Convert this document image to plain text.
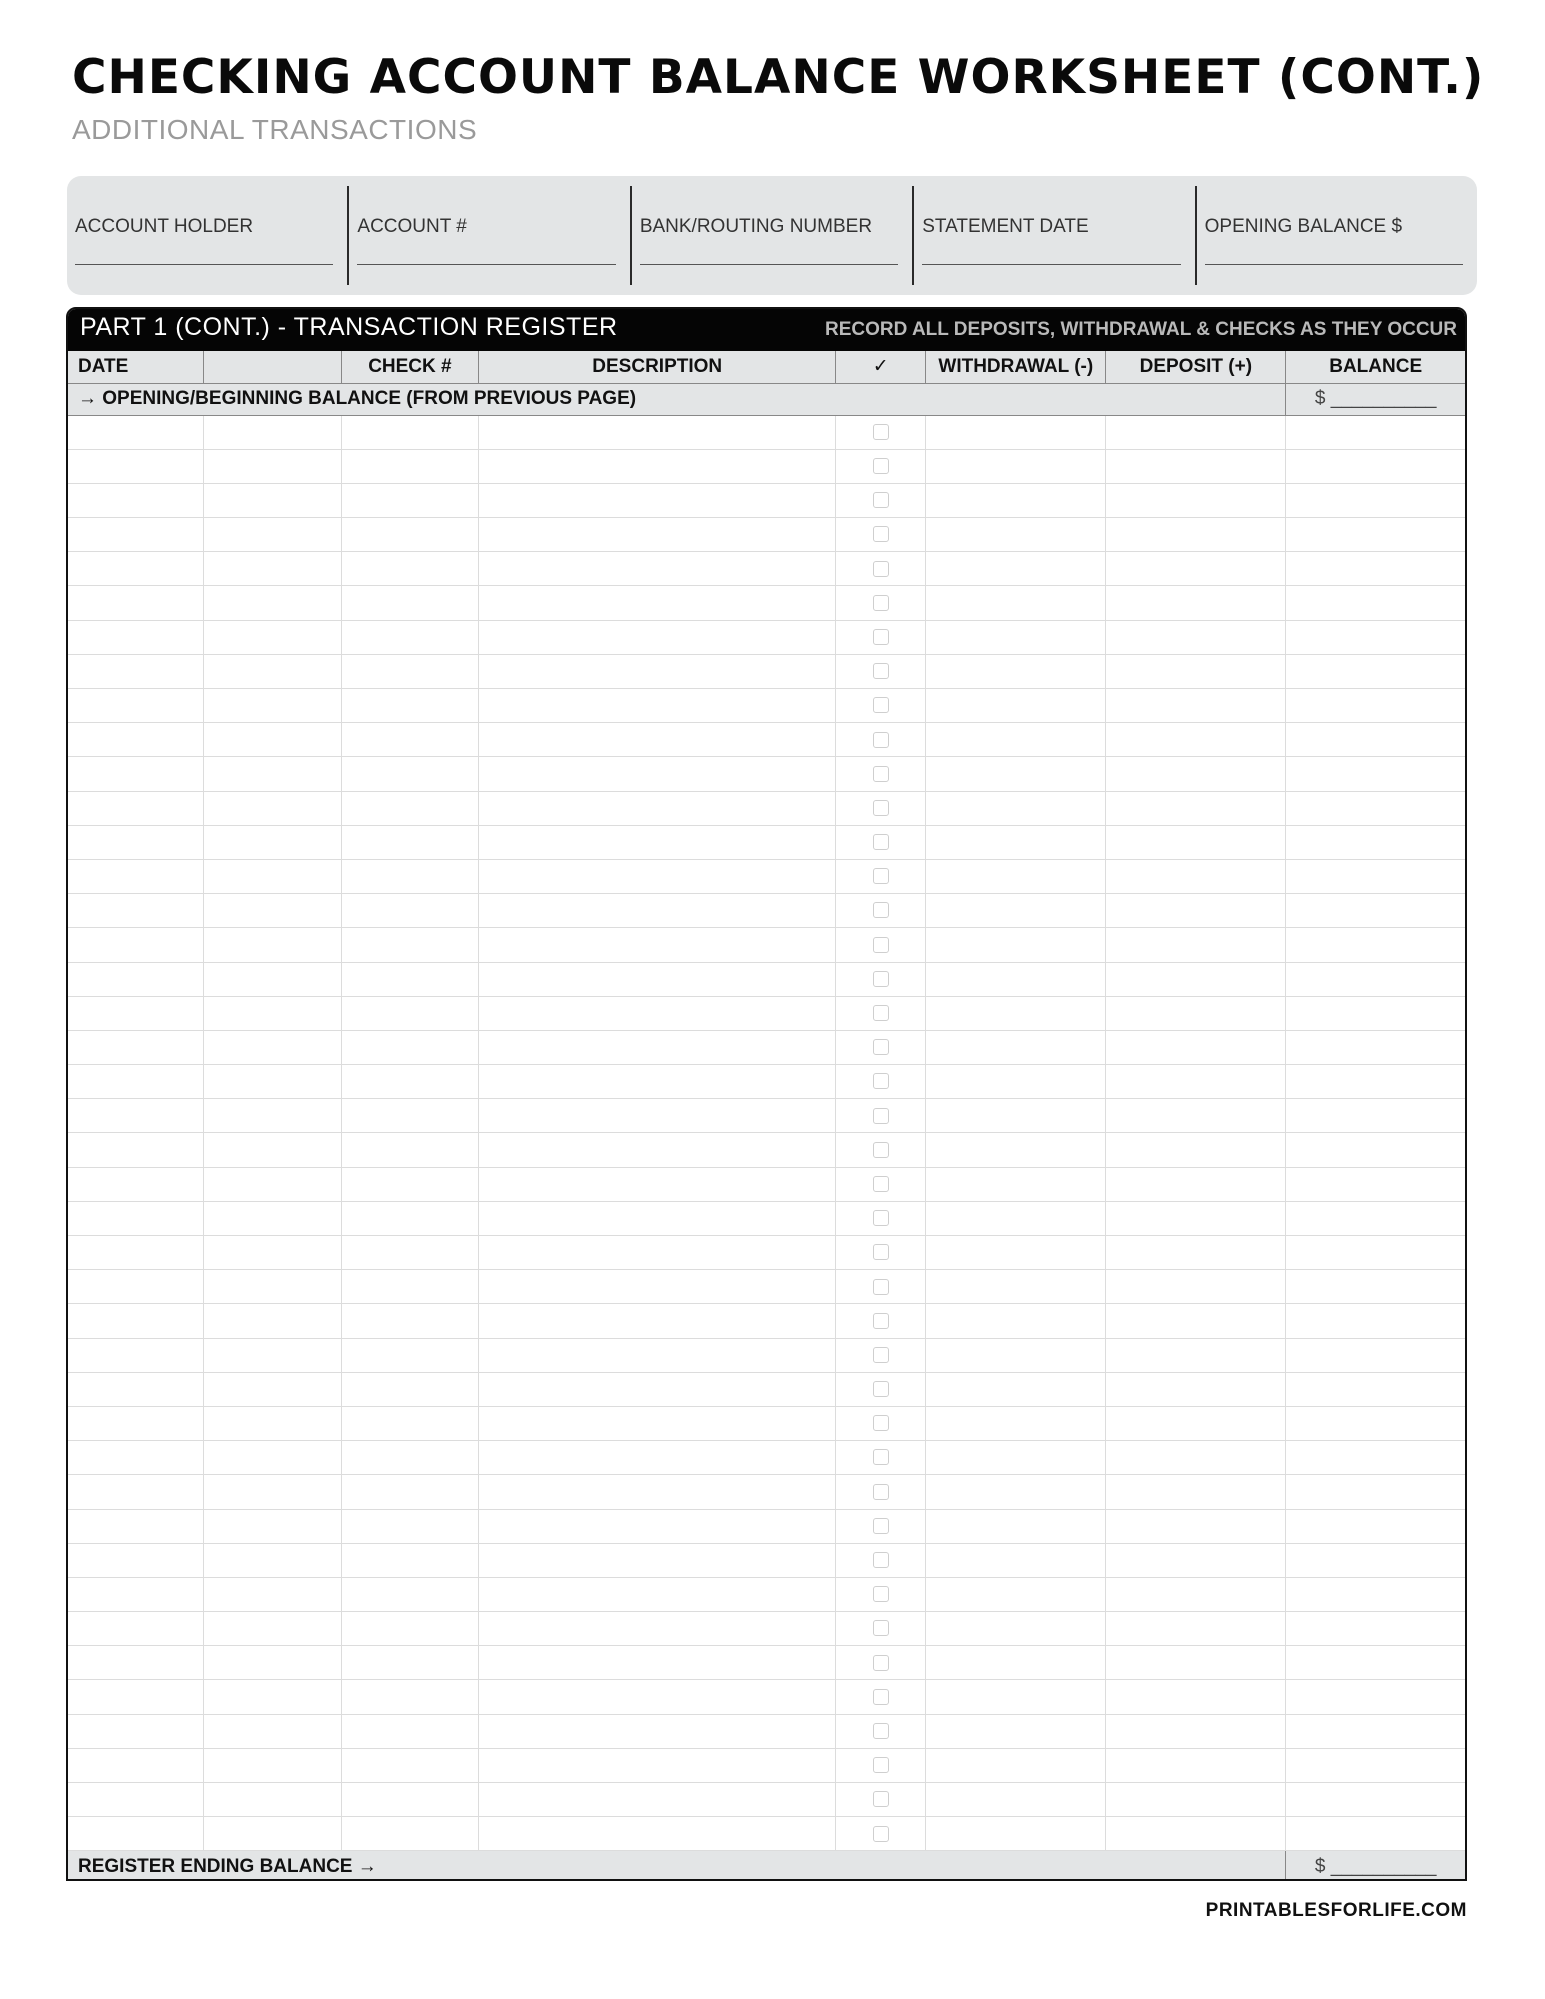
CHECKING ACCOUNT BALANCE WORKSHEET (CONT.)
ADDITIONAL TRANSACTIONS
ACCOUNT HOLDER	ACCOUNT #	BANK/ROUTING NUMBER	STATEMENT DATE	OPENING BALANCE $
PART 1 (CONT.) - TRANSACTION REGISTER	RECORD ALL DEPOSITS, WITHDRAWAL & CHECKS AS THEY OCCUR
DATE		CHECK #	DESCRIPTION	✓	WITHDRAWAL (-)	DEPOSIT (+)	BALANCE
→ OPENING/BEGINNING BALANCE (FROM PREVIOUS PAGE)							$ __________

REGISTER ENDING BALANCE →							$ __________
PRINTABLESFORLIFE.COM
